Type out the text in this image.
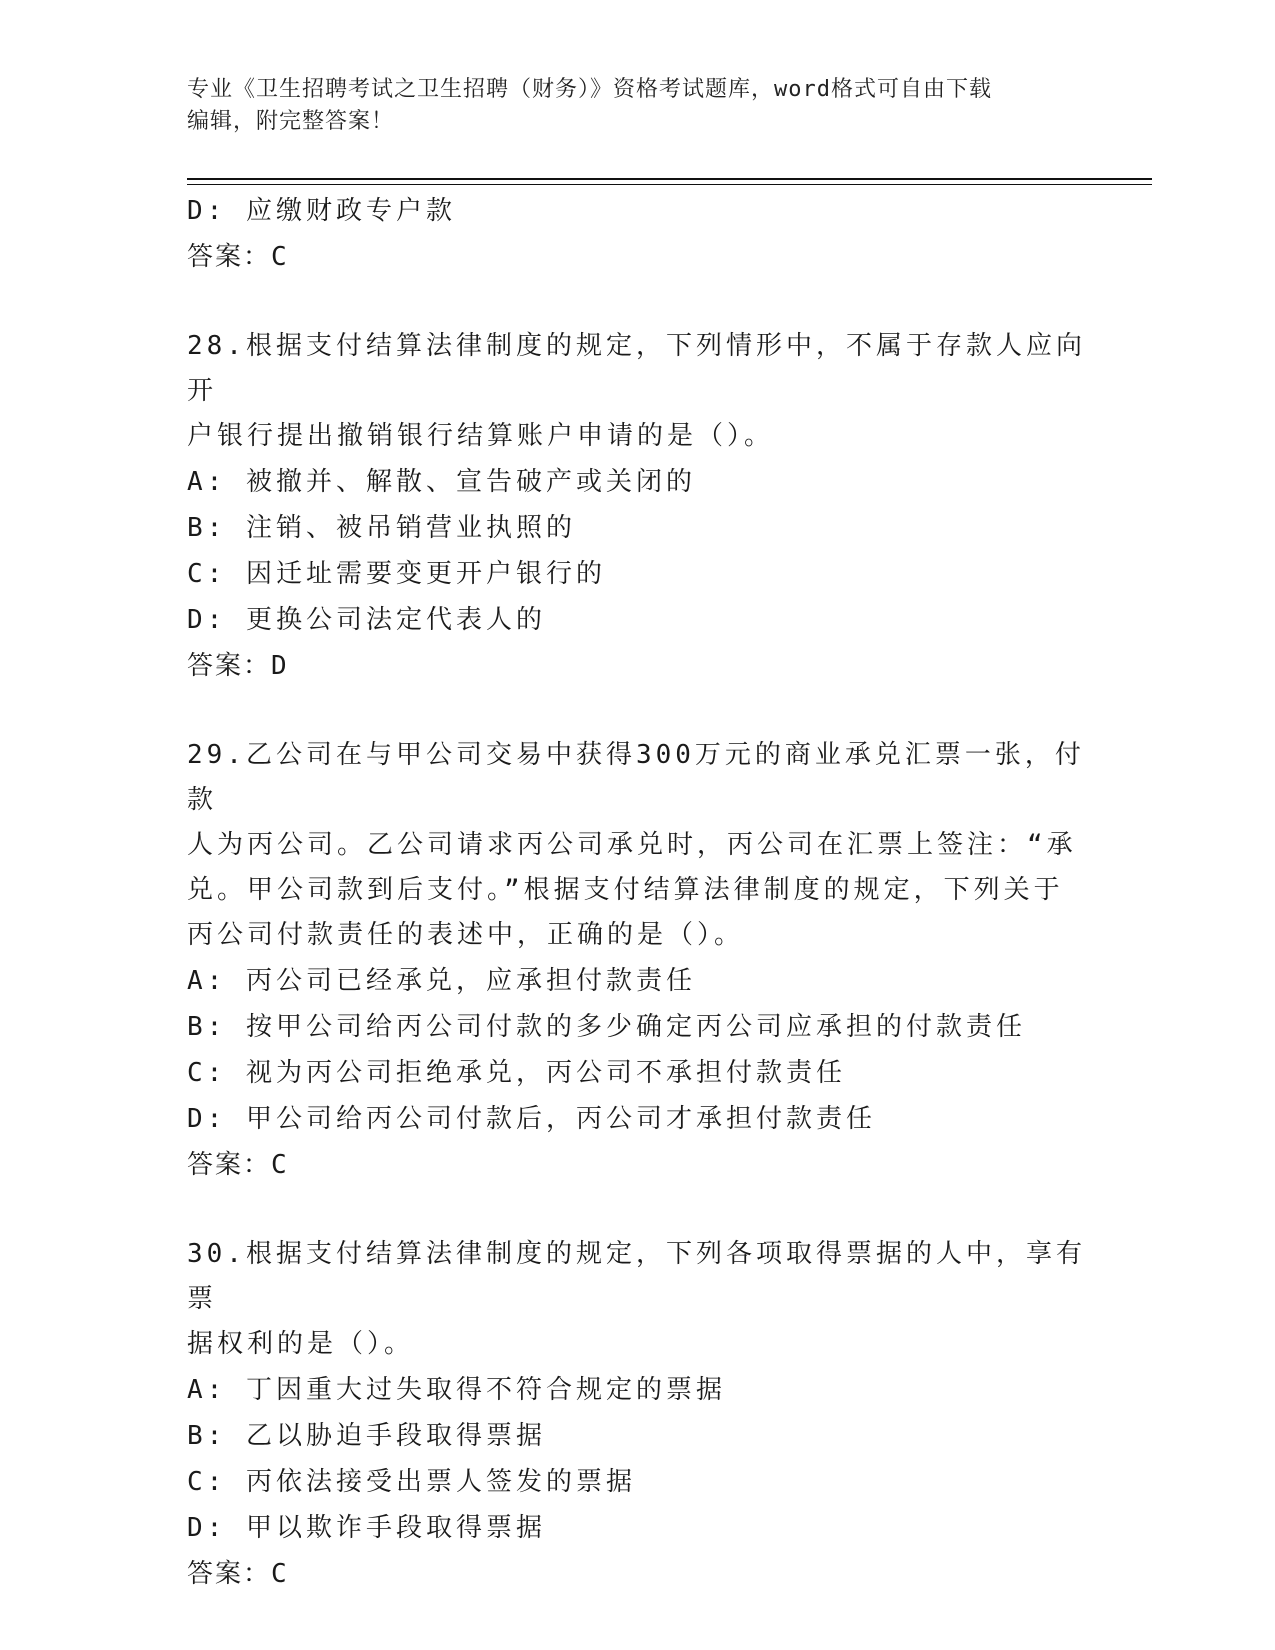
专业《卫生招聘考试之卫生招聘（财务）》资格考试题库，word格式可自由下载
编辑，附完整答案！
D: 应缴财政专户款
答案：C
28.根据支付结算法律制度的规定，下列情形中，不属于存款人应向开
户银行提出撤销银行结算账户申请的是（）。
A: 被撤并、解散、宣告破产或关闭的
B: 注销、被吊销营业执照的
C: 因迁址需要变更开户银行的
D: 更换公司法定代表人的
答案：D
29.乙公司在与甲公司交易中获得300万元的商业承兑汇票一张，付款
人为丙公司。乙公司请求丙公司承兑时，丙公司在汇票上签注：“承
兑。甲公司款到后支付。”根据支付结算法律制度的规定，下列关于
丙公司付款责任的表述中，正确的是（）。
A: 丙公司已经承兑，应承担付款责任
B: 按甲公司给丙公司付款的多少确定丙公司应承担的付款责任
C: 视为丙公司拒绝承兑，丙公司不承担付款责任
D: 甲公司给丙公司付款后，丙公司才承担付款责任
答案：C
30.根据支付结算法律制度的规定，下列各项取得票据的人中，享有票
据权利的是（）。
A: 丁因重大过失取得不符合规定的票据
B: 乙以胁迫手段取得票据
C: 丙依法接受出票人签发的票据
D: 甲以欺诈手段取得票据
答案：C
